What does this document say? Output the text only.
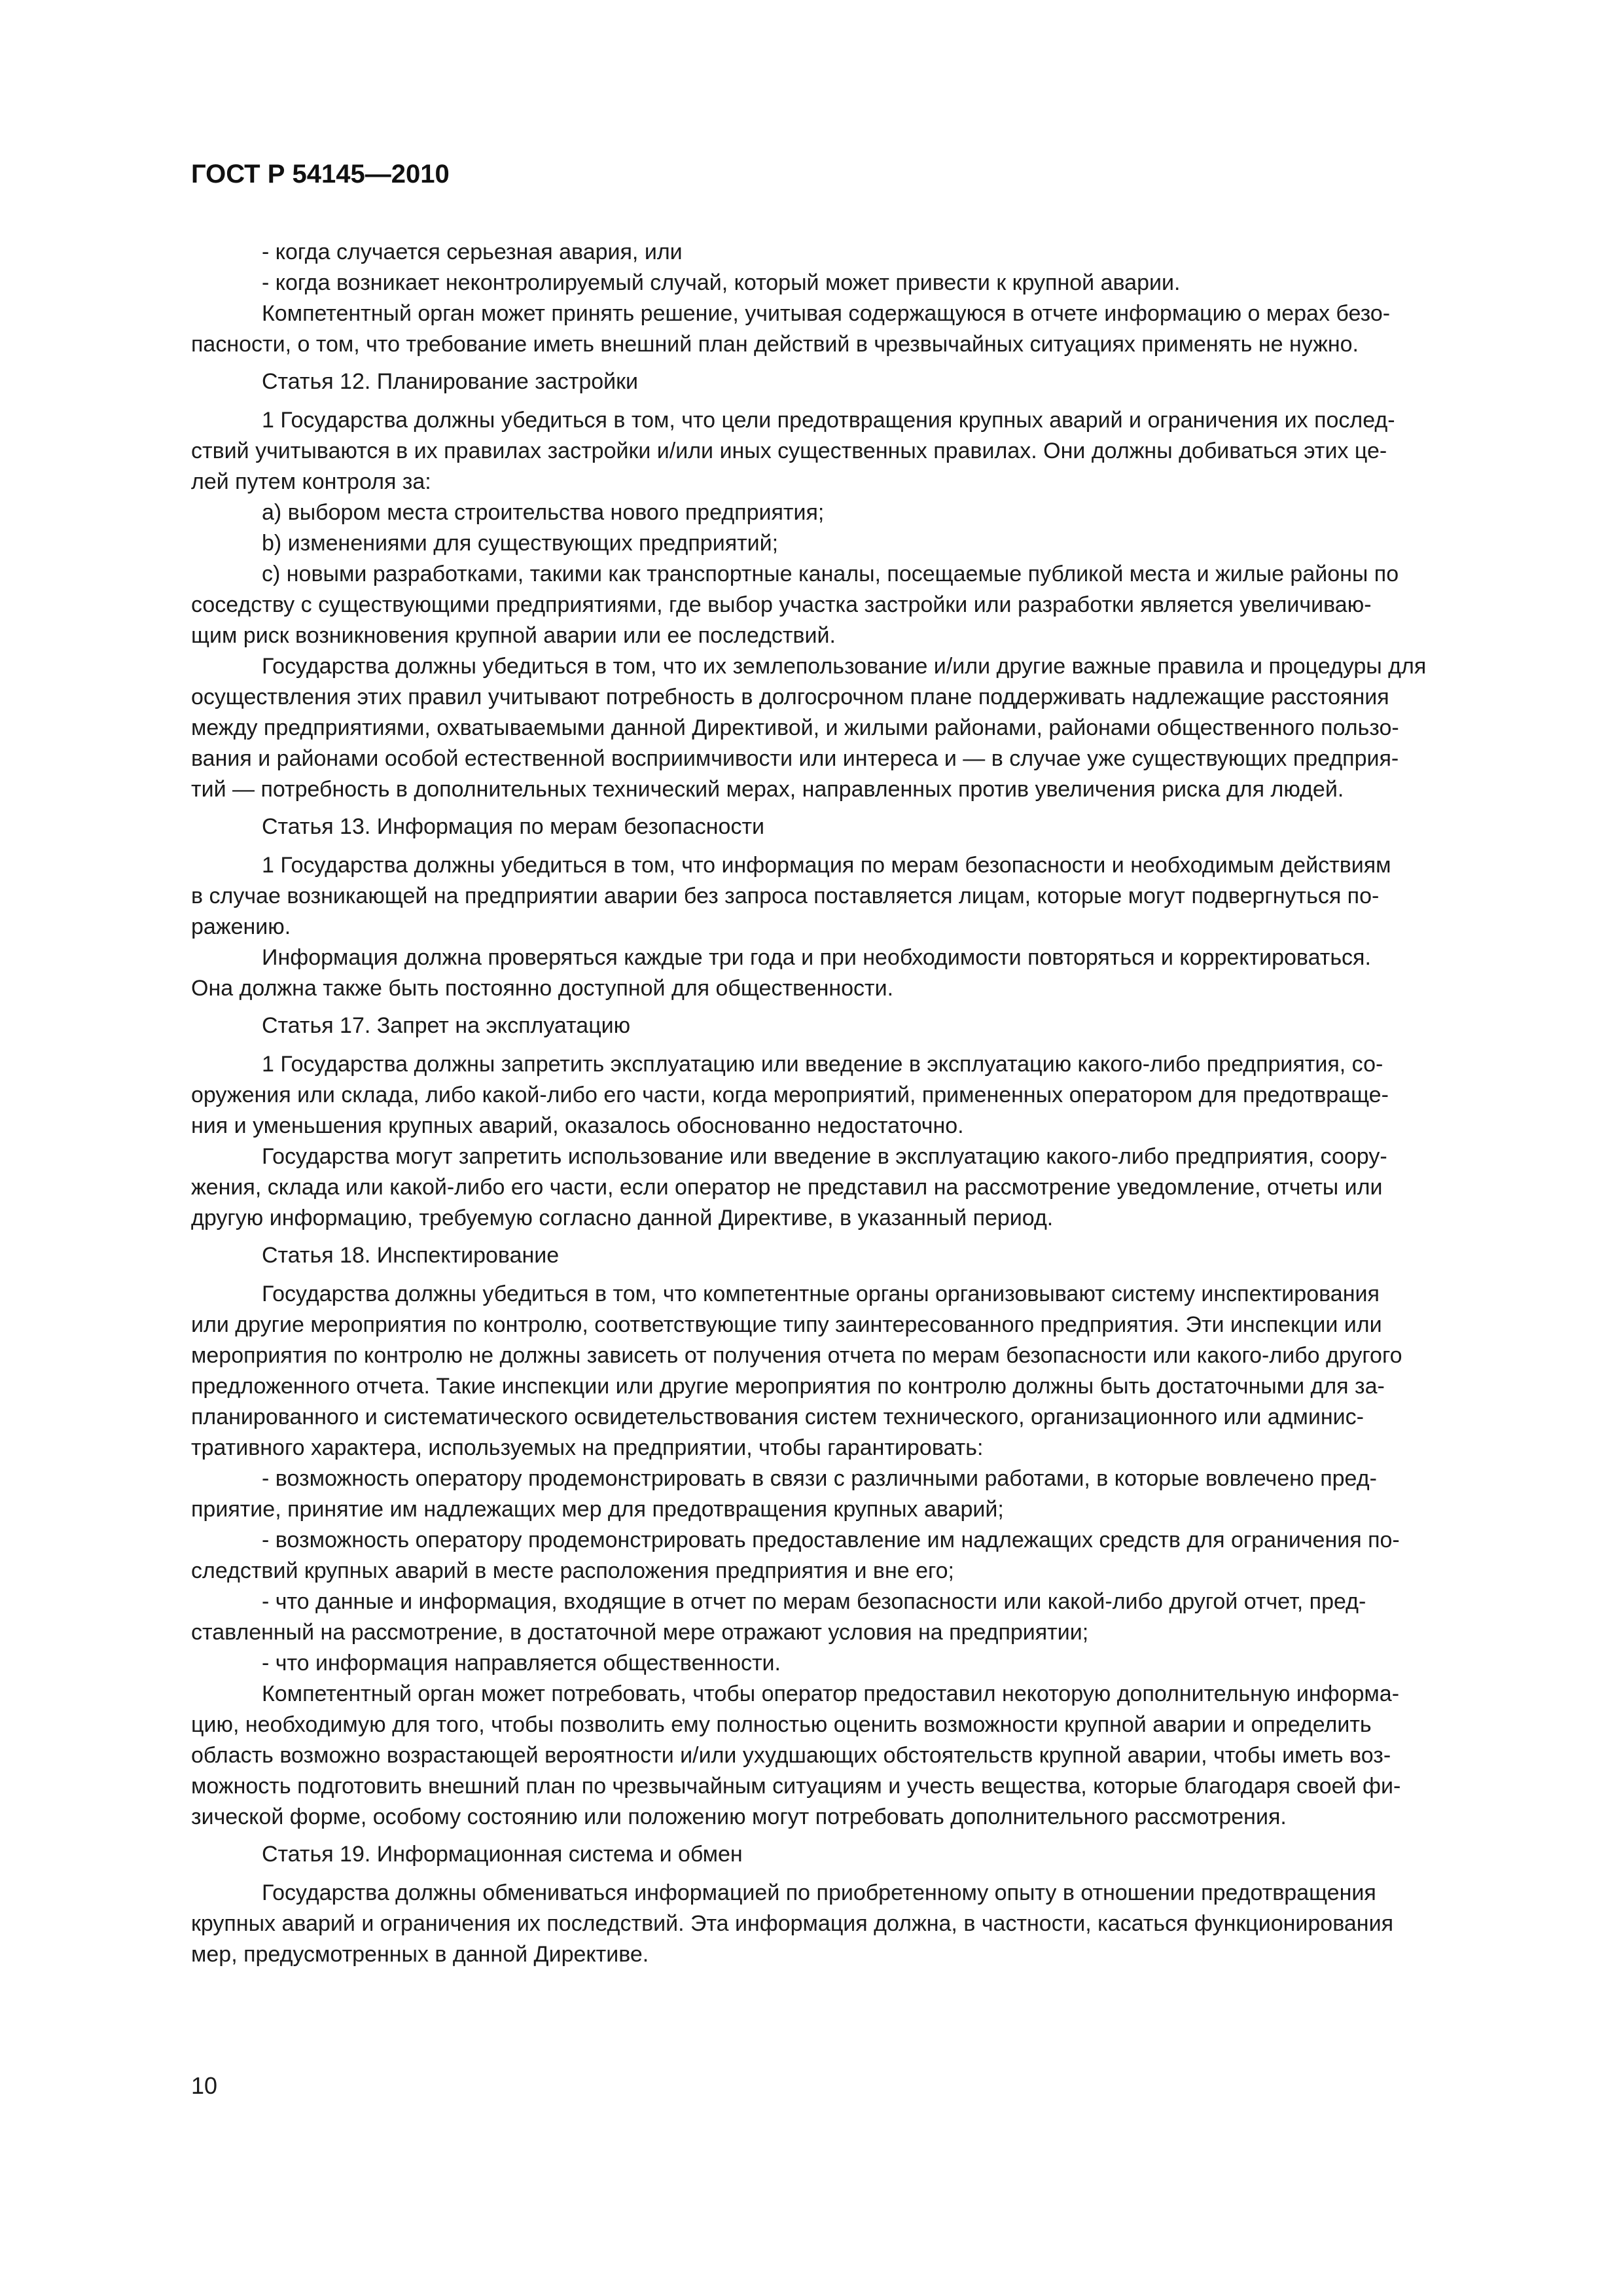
ГОСТ Р 54145—2010
- когда случается серьезная авария, или
- когда возникает неконтролируемый случай, который может привести к крупной аварии.
Компетентный орган может принять решение, учитывая содержащуюся в отчете информацию о мерах безо-
пасности, о том, что требование иметь внешний план действий в чрезвычайных ситуациях применять не нужно.
Статья 12. Планирование застройки
1 Государства должны убедиться в том, что цели предотвращения крупных аварий и ограничения их послед-
ствий учитываются в их правилах застройки и/или иных существенных правилах. Они должны добиваться этих це-
лей путем контроля за:
а) выбором места строительства нового предприятия;
b) изменениями для существующих предприятий;
с) новыми разработками, такими как транспортные каналы, посещаемые публикой места и жилые районы по
соседству с существующими предприятиями, где выбор участка застройки или разработки является увеличиваю-
щим риск возникновения крупной аварии или ее последствий.
Государства должны убедиться в том, что их землепользование и/или другие важные правила и процедуры для
осуществления этих правил учитывают потребность в долгосрочном плане поддерживать надлежащие расстояния
между предприятиями, охватываемыми данной Директивой, и жилыми районами, районами общественного пользо-
вания и районами особой естественной восприимчивости или интереса и — в случае уже существующих предприя-
тий — потребность в дополнительных технический мерах, направленных против увеличения риска для людей.
Статья 13. Информация по мерам безопасности
1 Государства должны убедиться в том, что информация по мерам безопасности и необходимым действиям
в случае возникающей на предприятии аварии без запроса поставляется лицам, которые могут подвергнуться по-
ражению.
Информация должна проверяться каждые три года и при необходимости повторяться и корректироваться.
Она должна также быть постоянно доступной для общественности.
Статья 17. Запрет на эксплуатацию
1 Государства должны запретить эксплуатацию или введение в эксплуатацию какого-либо предприятия, со-
оружения или склада, либо какой-либо его части, когда мероприятий, примененных оператором для предотвраще-
ния и уменьшения крупных аварий, оказалось обоснованно недостаточно.
Государства могут запретить использование или введение в эксплуатацию какого-либо предприятия, соору-
жения, склада или какой-либо его части, если оператор не представил на рассмотрение уведомление, отчеты или
другую информацию, требуемую согласно данной Директиве, в указанный период.
Статья 18. Инспектирование
Государства должны убедиться в том, что компетентные органы организовывают систему инспектирования
или другие мероприятия по контролю, соответствующие типу заинтересованного предприятия. Эти инспекции или
мероприятия по контролю не должны зависеть от получения отчета по мерам безопасности или какого-либо другого
предложенного отчета. Такие инспекции или другие мероприятия по контролю должны быть достаточными для за-
планированного и систематического освидетельствования систем технического, организационного или админис-
тративного характера, используемых на предприятии, чтобы гарантировать:
- возможность оператору продемонстрировать в связи с различными работами, в которые вовлечено пред-
приятие, принятие им надлежащих мер для предотвращения крупных аварий;
- возможность оператору продемонстрировать предоставление им надлежащих средств для ограничения по-
следствий крупных аварий в месте расположения предприятия и вне его;
- что данные и информация, входящие в отчет по мерам безопасности или какой-либо другой отчет, пред-
ставленный на рассмотрение, в достаточной мере отражают условия на предприятии;
- что информация направляется общественности.
Компетентный орган может потребовать, чтобы оператор предоставил некоторую дополнительную информа-
цию, необходимую для того, чтобы позволить ему полностью оценить возможности крупной аварии и определить
область возможно возрастающей вероятности и/или ухудшающих обстоятельств крупной аварии, чтобы иметь воз-
можность подготовить внешний план по чрезвычайным ситуациям и учесть вещества, которые благодаря своей фи-
зической форме, особому состоянию или положению могут потребовать дополнительного рассмотрения.
Статья 19. Информационная система и обмен
Государства должны обмениваться информацией по приобретенному опыту в отношении предотвращения
крупных аварий и ограничения их последствий. Эта информация должна, в частности, касаться функционирования
мер, предусмотренных в данной Директиве.
10
